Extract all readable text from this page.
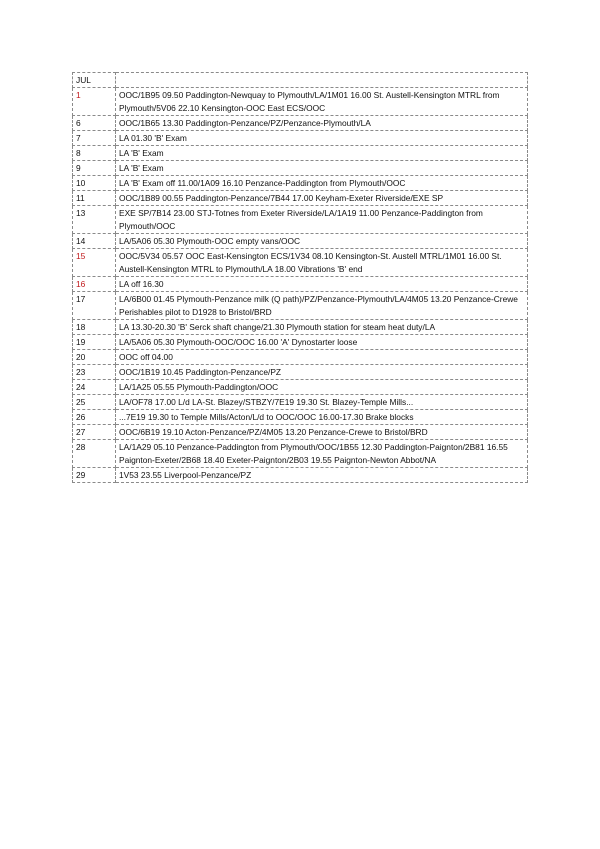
JUL	
1	OOC/1B95 09.50 Paddington-Newquay to Plymouth/LA/1M01 16.00 St. Austell-Kensington MTRL from Plymouth/5V06 22.10 Kensington-OOC East ECS/OOC
6	OOC/1B65 13.30 Paddington-Penzance/PZ/Penzance-Plymouth/LA
7	LA 01.30 'B' Exam
8	LA 'B' Exam
9	LA 'B' Exam
10	LA 'B' Exam off 11.00/1A09 16.10 Penzance-Paddington from Plymouth/OOC
11	OOC/1B89 00.55 Paddington-Penzance/7B44 17.00 Keyham-Exeter Riverside/EXE SP
13	EXE SP/7B14 23.00 STJ-Totnes from Exeter Riverside/LA/1A19 11.00 Penzance-Paddington from Plymouth/OOC
14	LA/5A06 05.30 Plymouth-OOC empty vans/OOC
15	OOC/5V34 05.57 OOC East-Kensington ECS/1V34 08.10 Kensington-St. Austell MTRL/1M01 16.00 St. Austell-Kensington MTRL to Plymouth/LA 18.00 Vibrations 'B' end
16	LA off 16.30
17	LA/6B00 01.45 Plymouth-Penzance milk (Q path)/PZ/Penzance-Plymouth/LA/4M05 13.20 Penzance-Crewe Perishables pilot to D1928 to Bristol/BRD
18	LA 13.30-20.30 'B' Serck shaft change/21.30 Plymouth station for steam heat duty/LA
19	LA/5A06 05.30 Plymouth-OOC/OOC 16.00 'A' Dynostarter loose
20	OOC off 04.00
23	OOC/1B19 10.45 Paddington-Penzance/PZ
24	LA/1A25 05.55 Plymouth-Paddington/OOC
25	LA/OF78 17.00 L/d LA-St. Blazey/STBZY/7E19 19.30 St. Blazey-Temple Mills...
26	...7E19 19.30 to Temple Mills/Acton/L/d to OOC/OOC 16.00-17.30 Brake blocks
27	OOC/6B19 19.10 Acton-Penzance/PZ/4M05 13.20 Penzance-Crewe to Bristol/BRD
28	LA/1A29 05.10 Penzance-Paddington from Plymouth/OOC/1B55 12.30 Paddington-Paignton/2B81 16.55 Paignton-Exeter/2B68 18.40 Exeter-Paignton/2B03 19.55 Paignton-Newton Abbot/NA
29	1V53 23.55 Liverpool-Penzance/PZ
